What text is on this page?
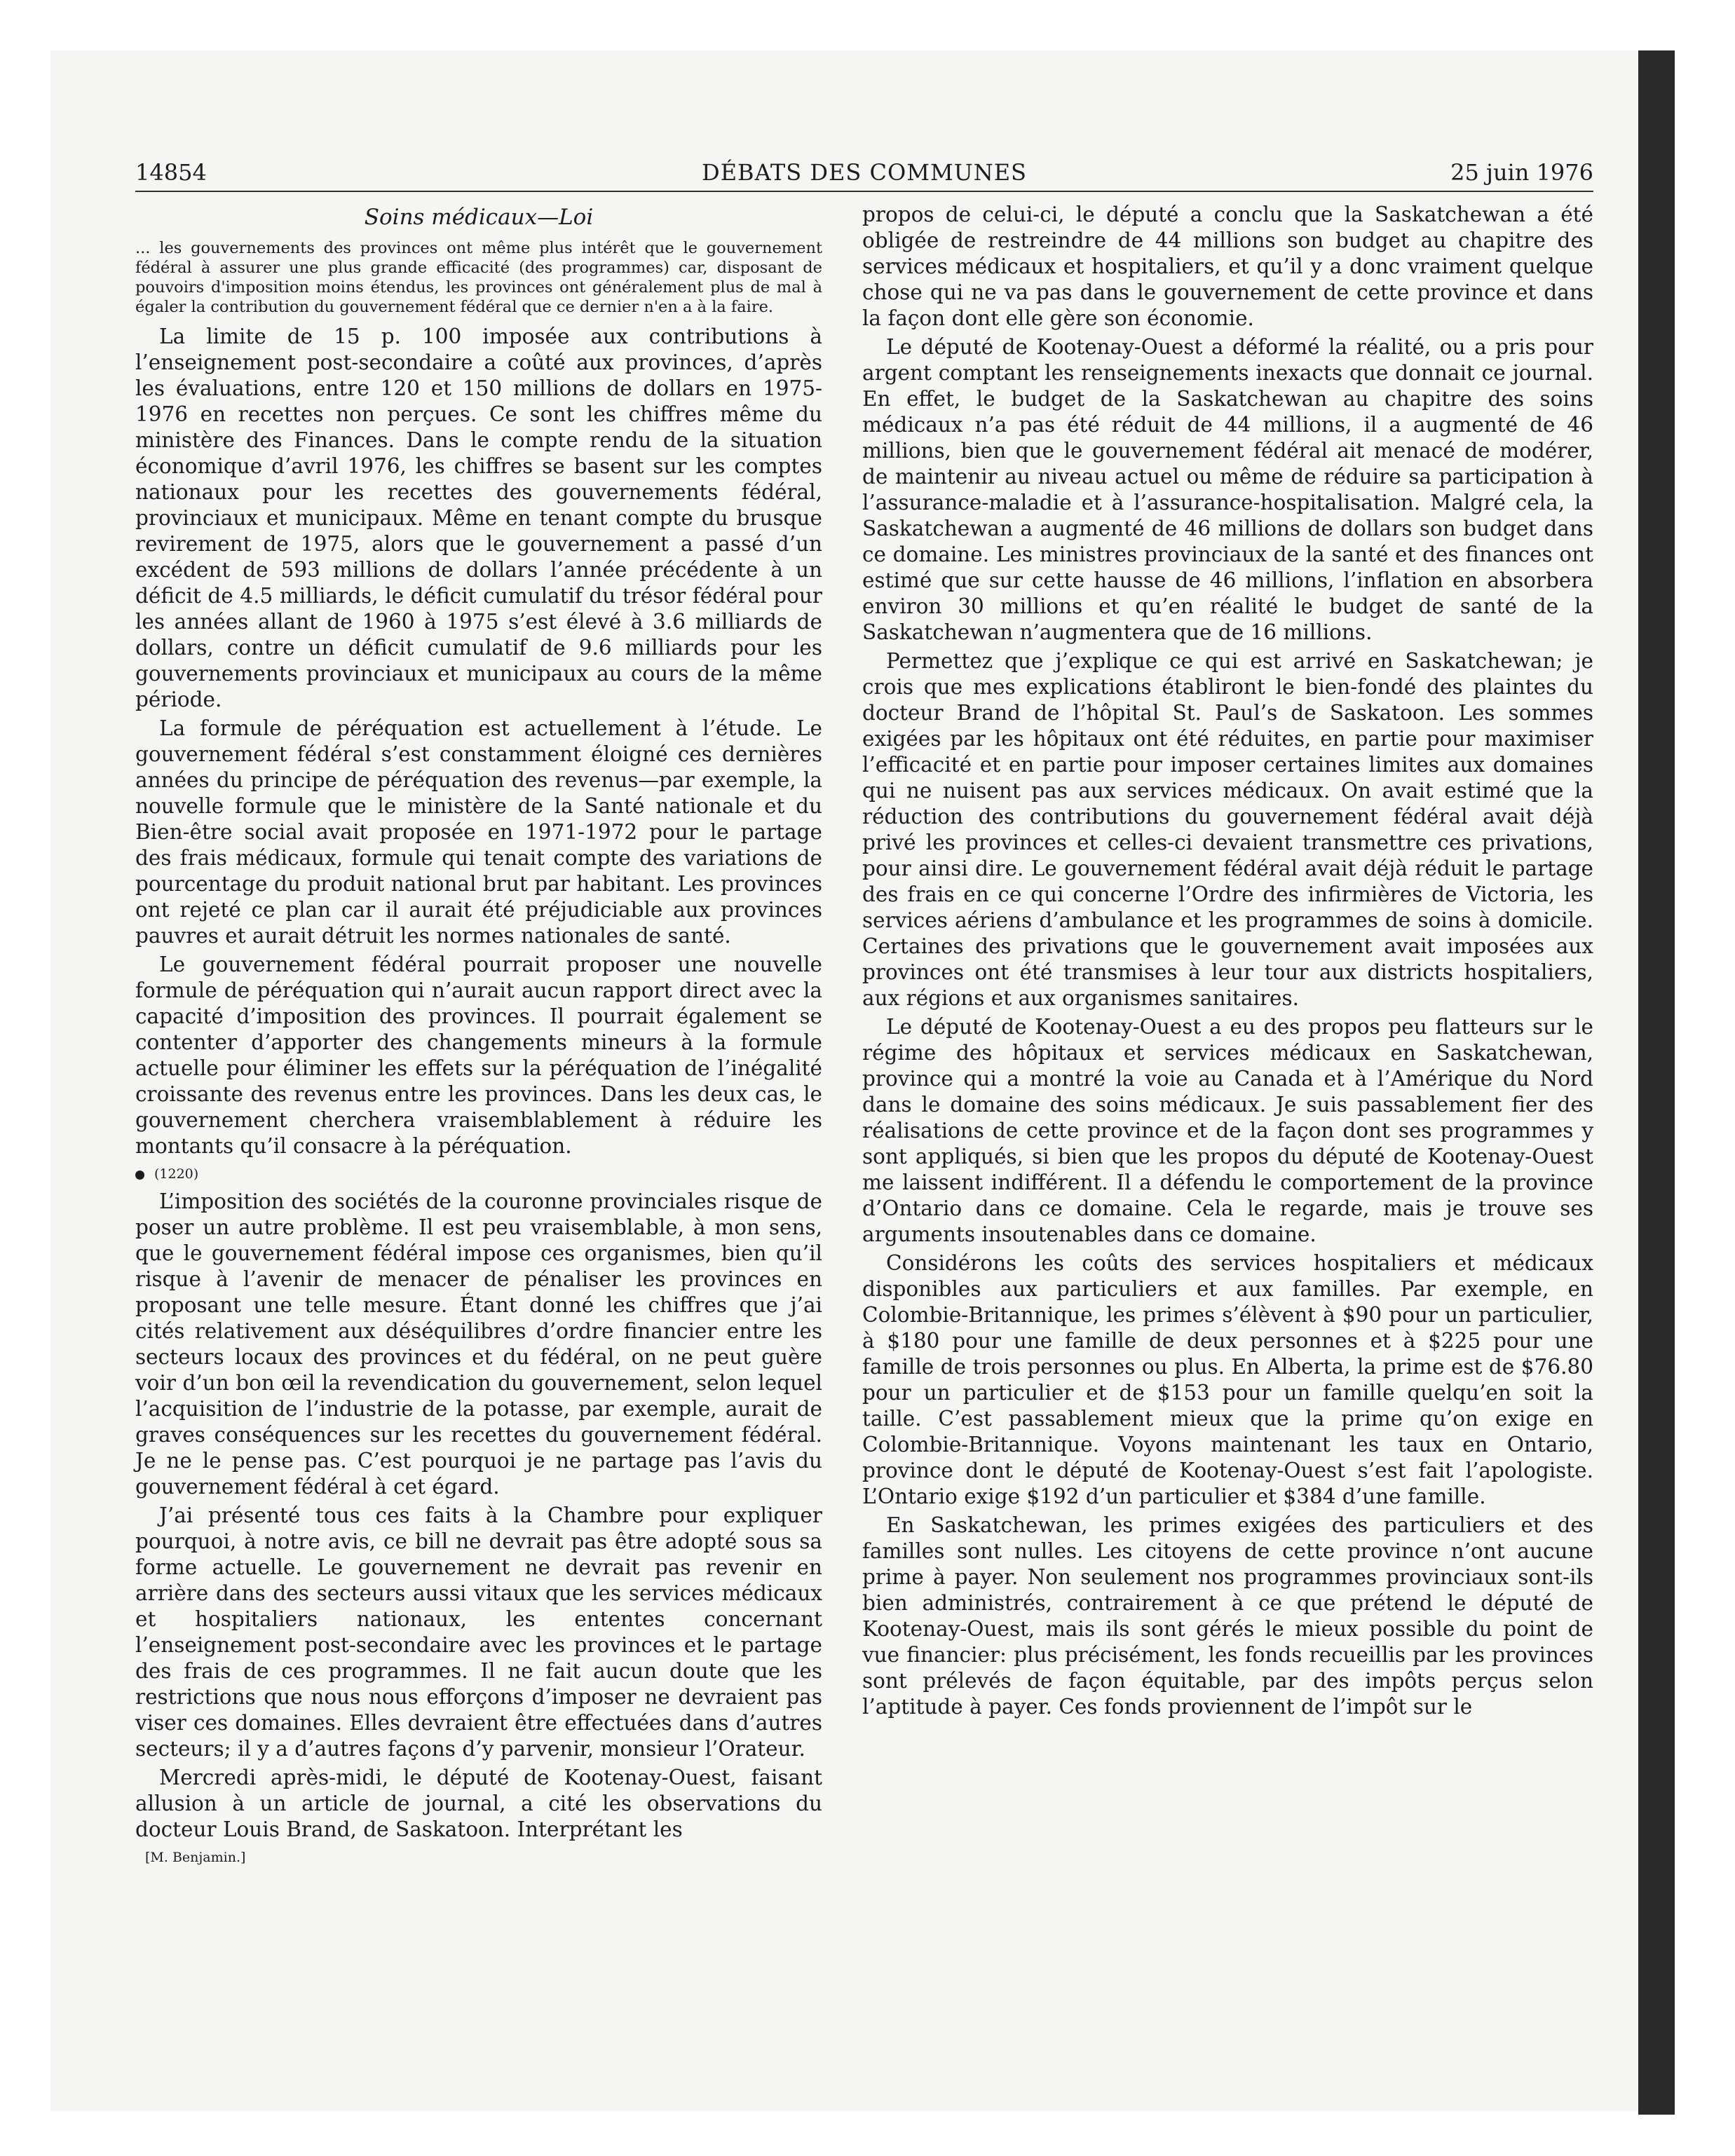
14854	DÉBATS DES COMMUNES	25 juin 1976
Soins médicaux—Loi
... les gouvernements des provinces ont même plus intérêt que le gouvernement fédéral à assurer une plus grande efficacité (des programmes) car, disposant de pouvoirs d'imposition moins étendus, les provinces ont généralement plus de mal à égaler la contribution du gouvernement fédéral que ce dernier n'en a à la faire.

La limite de 15 p. 100 imposée aux contributions à l’enseignement post-secondaire a coûté aux provinces, d’après les évaluations, entre 120 et 150 millions de dollars en 1975-1976 en recettes non perçues. Ce sont les chiffres même du ministère des Finances. Dans le compte rendu de la situation économique d’avril 1976, les chiffres se basent sur les comptes nationaux pour les recettes des gouvernements fédéral, provinciaux et municipaux. Même en tenant compte du brusque revirement de 1975, alors que le gouvernement a passé d’un excédent de 593 millions de dollars l’année précédente à un déficit de 4.5 milliards, le déficit cumulatif du trésor fédéral pour les années allant de 1960 à 1975 s’est élevé à 3.6 milliards de dollars, contre un déficit cumulatif de 9.6 milliards pour les gouvernements provinciaux et municipaux au cours de la même période.

La formule de péréquation est actuellement à l’étude. Le gouvernement fédéral s’est constamment éloigné ces dernières années du principe de péréquation des revenus—par exemple, la nouvelle formule que le ministère de la Santé nationale et du Bien-être social avait proposée en 1971-1972 pour le partage des frais médicaux, formule qui tenait compte des variations de pourcentage du produit national brut par habitant. Les provinces ont rejeté ce plan car il aurait été préjudiciable aux provinces pauvres et aurait détruit les normes nationales de santé.

Le gouvernement fédéral pourrait proposer une nouvelle formule de péréquation qui n’aurait aucun rapport direct avec la capacité d’imposition des provinces. Il pourrait également se contenter d’apporter des changements mineurs à la formule actuelle pour éliminer les effets sur la péréquation de l’inégalité croissante des revenus entre les provinces. Dans les deux cas, le gouvernement cherchera vraisemblablement à réduire les montants qu’il consacre à la péréquation.

(1220)

L’imposition des sociétés de la couronne provinciales risque de poser un autre problème. Il est peu vraisemblable, à mon sens, que le gouvernement fédéral impose ces organismes, bien qu’il risque à l’avenir de menacer de pénaliser les provinces en proposant une telle mesure. Étant donné les chiffres que j’ai cités relativement aux déséquilibres d’ordre financier entre les secteurs locaux des provinces et du fédéral, on ne peut guère voir d’un bon œil la revendication du gouvernement, selon lequel l’acquisition de l’industrie de la potasse, par exemple, aurait de graves conséquences sur les recettes du gouvernement fédéral. Je ne le pense pas. C’est pourquoi je ne partage pas l’avis du gouvernement fédéral à cet égard.

J’ai présenté tous ces faits à la Chambre pour expliquer pourquoi, à notre avis, ce bill ne devrait pas être adopté sous sa forme actuelle. Le gouvernement ne devrait pas revenir en arrière dans des secteurs aussi vitaux que les services médicaux et hospitaliers nationaux, les ententes concernant l’enseignement post-secondaire avec les provinces et le partage des frais de ces programmes. Il ne fait aucun doute que les restrictions que nous nous efforçons d’imposer ne devraient pas viser ces domaines. Elles devraient être effectuées dans d’autres secteurs; il y a d’autres façons d’y parvenir, monsieur l’Orateur.

Mercredi après-midi, le député de Kootenay-Ouest, faisant allusion à un article de journal, a cité les observations du docteur Louis Brand, de Saskatoon. Interprétant les

[M. Benjamin.]

propos de celui-ci, le député a conclu que la Saskatchewan a été obligée de restreindre de 44 millions son budget au chapitre des services médicaux et hospitaliers, et qu’il y a donc vraiment quelque chose qui ne va pas dans le gouvernement de cette province et dans la façon dont elle gère son économie.

Le député de Kootenay-Ouest a déformé la réalité, ou a pris pour argent comptant les renseignements inexacts que donnait ce journal. En effet, le budget de la Saskatchewan au chapitre des soins médicaux n’a pas été réduit de 44 millions, il a augmenté de 46 millions, bien que le gouvernement fédéral ait menacé de modérer, de maintenir au niveau actuel ou même de réduire sa participation à l’assurance-maladie et à l’assurance-hospitalisation. Malgré cela, la Saskatchewan a augmenté de 46 millions de dollars son budget dans ce domaine. Les ministres provinciaux de la santé et des finances ont estimé que sur cette hausse de 46 millions, l’inflation en absorbera environ 30 millions et qu’en réalité le budget de santé de la Saskatchewan n’augmentera que de 16 millions.

Permettez que j’explique ce qui est arrivé en Saskatchewan; je crois que mes explications établiront le bien-fondé des plaintes du docteur Brand de l’hôpital St. Paul’s de Saskatoon. Les sommes exigées par les hôpitaux ont été réduites, en partie pour maximiser l’efficacité et en partie pour imposer certaines limites aux domaines qui ne nuisent pas aux services médicaux. On avait estimé que la réduction des contributions du gouvernement fédéral avait déjà privé les provinces et celles-ci devaient transmettre ces privations, pour ainsi dire. Le gouvernement fédéral avait déjà réduit le partage des frais en ce qui concerne l’Ordre des infirmières de Victoria, les services aériens d’ambulance et les programmes de soins à domicile. Certaines des privations que le gouvernement avait imposées aux provinces ont été transmises à leur tour aux districts hospitaliers, aux régions et aux organismes sanitaires.

Le député de Kootenay-Ouest a eu des propos peu flatteurs sur le régime des hôpitaux et services médicaux en Saskatchewan, province qui a montré la voie au Canada et à l’Amérique du Nord dans le domaine des soins médicaux. Je suis passablement fier des réalisations de cette province et de la façon dont ses programmes y sont appliqués, si bien que les propos du député de Kootenay-Ouest me laissent indifférent. Il a défendu le comportement de la province d’Ontario dans ce domaine. Cela le regarde, mais je trouve ses arguments insoutenables dans ce domaine.

Considérons les coûts des services hospitaliers et médicaux disponibles aux particuliers et aux familles. Par exemple, en Colombie-Britannique, les primes s’élèvent à $90 pour un particulier, à $180 pour une famille de deux personnes et à $225 pour une famille de trois personnes ou plus. En Alberta, la prime est de $76.80 pour un particulier et de $153 pour un famille quelqu’en soit la taille. C’est passablement mieux que la prime qu’on exige en Colombie-Britannique. Voyons maintenant les taux en Ontario, province dont le député de Kootenay-Ouest s’est fait l’apologiste. L’Ontario exige $192 d’un particulier et $384 d’une famille.

En Saskatchewan, les primes exigées des particuliers et des familles sont nulles. Les citoyens de cette province n’ont aucune prime à payer. Non seulement nos programmes provinciaux sont-ils bien administrés, contrairement à ce que prétend le député de Kootenay-Ouest, mais ils sont gérés le mieux possible du point de vue financier: plus précisément, les fonds recueillis par les provinces sont prélevés de façon équitable, par des impôts perçus selon l’aptitude à payer. Ces fonds proviennent de l’impôt sur le
